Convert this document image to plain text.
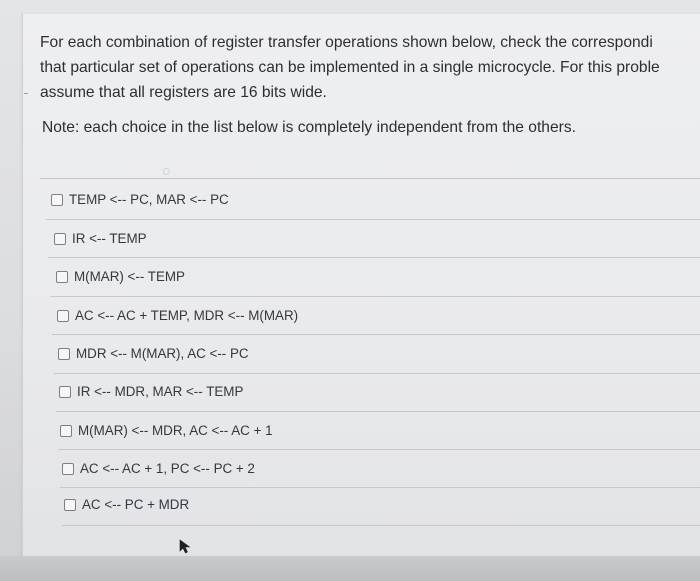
For each combination of register transfer operations shown below, check the correspondi
that particular set of operations can be implemented in a single microcycle. For this proble
assume that all registers are 16 bits wide.
Note: each choice in the list below is completely independent from the others.
TEMP <-- PC, MAR <-- PC
IR <-- TEMP
M(MAR) <-- TEMP
AC <-- AC + TEMP, MDR <-- M(MAR)
MDR <-- M(MAR), AC <-- PC
IR <-- MDR, MAR <-- TEMP
M(MAR) <-- MDR, AC <-- AC + 1
AC <-- AC + 1, PC <-- PC + 2
AC <-- PC + MDR
